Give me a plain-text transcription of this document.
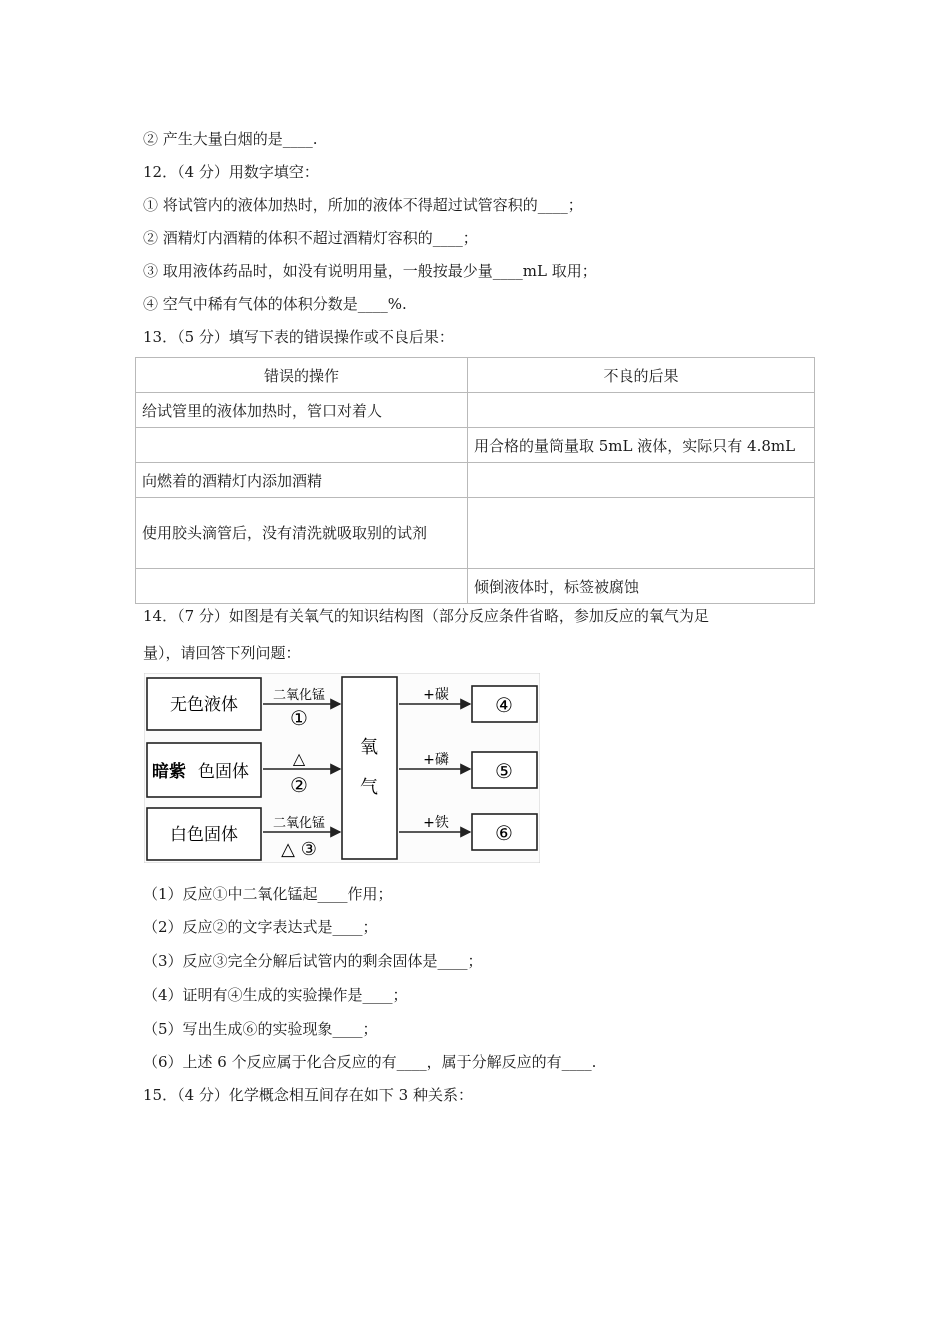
② 产生大量白烟的是____.
12．（4 分）用数字填空：
① 将试管内的液体加热时，所加的液体不得超过试管容积的____；
② 酒精灯内酒精的体积不超过酒精灯容积的____；
③ 取用液体药品时，如没有说明用量，一般按最少量____mL 取用；
④ 空气中稀有气体的体积分数是____%.
13．（5 分）填写下表的错误操作或不良后果：
错误的操作	不良的后果
给试管里的液体加热时，管口对着人	
	用合格的量筒量取 5mL 液体，实际只有 4.8mL
向燃着的酒精灯内添加酒精	
使用胶头滴管后，没有清洗就吸取别的试剂	
	倾倒液体时，标签被腐蚀
14．（7 分）如图是有关氧气的知识结构图（部分反应条件省略，参加反应的氧气为足
量），请回答下列问题：
无色液体
暗紫 色固体
白色固体
二氧化锰
①
△
②
二氧化锰
△ ③
氧
气
+碳
+磷
+铁
④
⑤
⑥
（1）反应①中二氧化锰起____作用；
（2）反应②的文字表达式是____；
（3）反应③完全分解后试管内的剩余固体是____；
（4）证明有④生成的实验操作是____；
（5）写出生成⑥的实验现象____；
（6）上述 6 个反应属于化合反应的有____，属于分解反应的有____.
15．（4 分）化学概念相互间存在如下 3 种关系：
